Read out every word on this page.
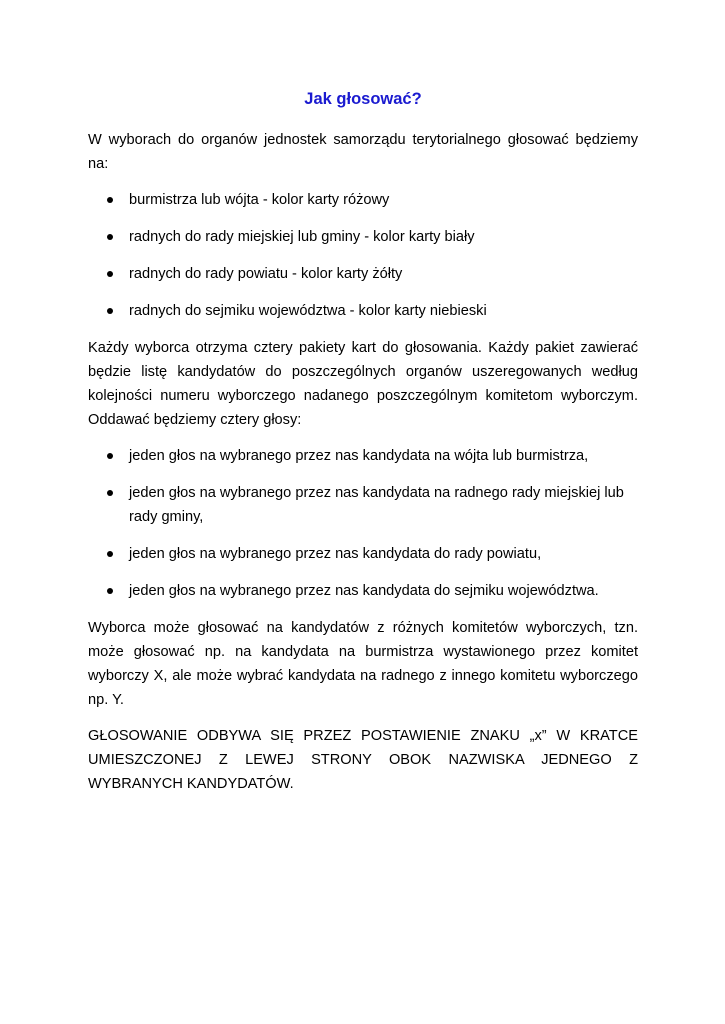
Jak głosować?

W wyborach do organów jednostek samorządu terytorialnego głosować będziemy na:

burmistrza lub wójta - kolor karty różowy
radnych do rady miejskiej lub gminy - kolor karty biały
radnych do rady powiatu - kolor karty żółty
radnych do sejmiku województwa - kolor karty niebieski

Każdy wyborca otrzyma cztery pakiety kart do głosowania. Każdy pakiet zawierać będzie listę kandydatów do poszczególnych organów uszeregowanych według kolejności numeru wyborczego nadanego poszczególnym komitetom wyborczym. Oddawać będziemy cztery głosy:

jeden głos na wybranego przez nas kandydata na wójta lub burmistrza,
jeden głos na wybranego przez nas kandydata na radnego rady miejskiej lub rady gminy,
jeden głos na wybranego przez nas kandydata do rady powiatu,
jeden głos na wybranego przez nas kandydata do sejmiku województwa.

Wyborca może głosować na kandydatów z różnych komitetów wyborczych, tzn. może głosować np. na kandydata na burmistrza wystawionego przez komitet wyborczy X, ale może wybrać kandydata na radnego z innego komitetu wyborczego np. Y.

GŁOSOWANIE ODBYWA SIĘ PRZEZ POSTAWIENIE ZNAKU „x” W KRATCE UMIESZCZONEJ Z LEWEJ STRONY OBOK NAZWISKA JEDNEGO Z WYBRANYCH KANDYDATÓW.
